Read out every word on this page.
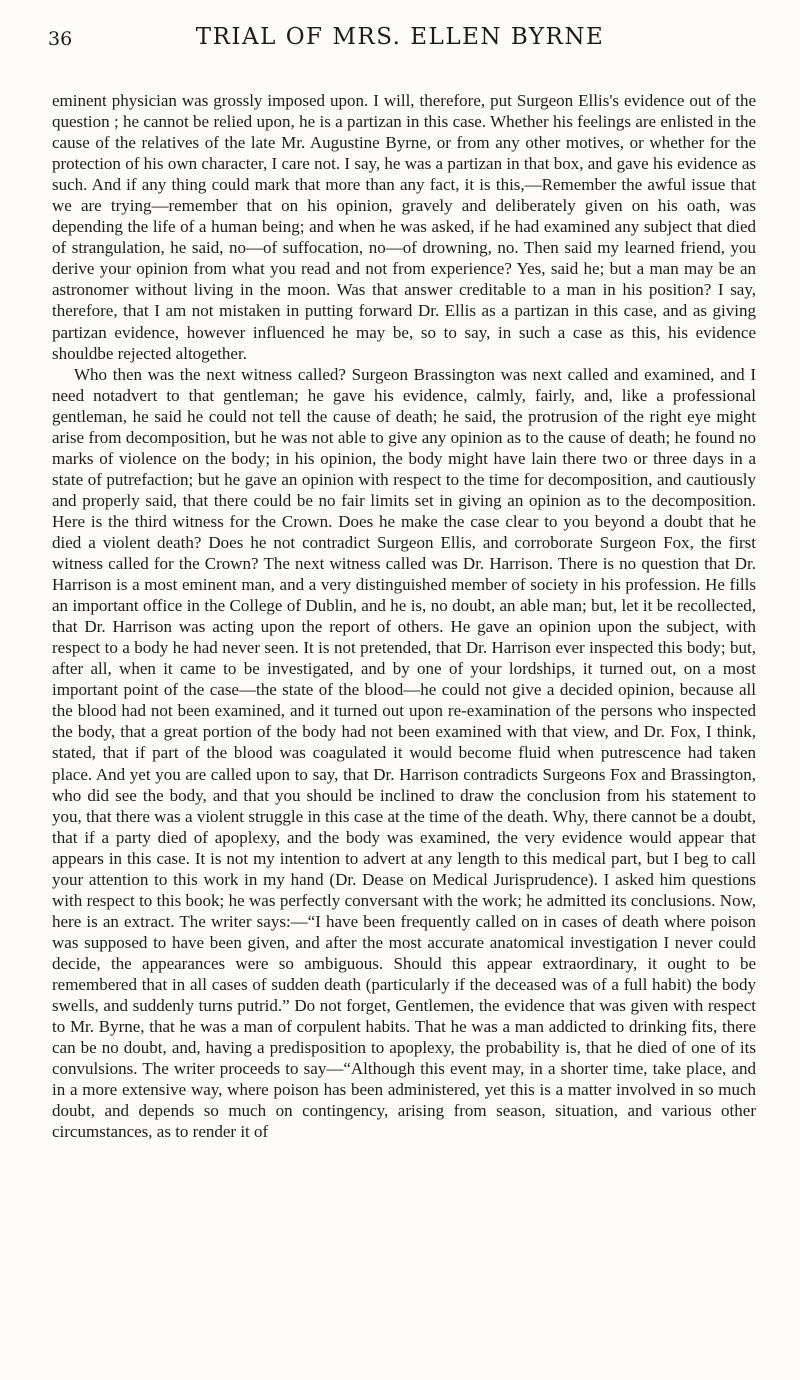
36	TRIAL OF MRS. ELLEN BYRNE

eminent physician was grossly imposed upon. I will, therefore, put Surgeon Ellis's evidence out of the question ; he cannot be relied upon, he is a partizan in this case. Whether his feelings are enlisted in the cause of the relatives of the late Mr. Augustine Byrne, or from any other motives, or whether for the protection of his own character, I care not. I say, he was a partizan in that box, and gave his evidence as such. And if any thing could mark that more than any fact, it is this,—Remember the awful issue that we are trying—remember that on his opinion, gravely and deliberately given on his oath, was depending the life of a human being; and when he was asked, if he had examined any subject that died of strangulation, he said, no—of suffocation, no—of drowning, no. Then said my learned friend, you derive your opinion from what you read and not from experience? Yes, said he; but a man may be an astronomer without living in the moon. Was that answer creditable to a man in his position? I say, therefore, that I am not mistaken in putting forward Dr. Ellis as a partizan in this case, and as giving partizan evidence, however influenced he may be, so to say, in such a case as this, his evidence shouldbe rejected altogether.

Who then was the next witness called? Surgeon Brassington was next called and examined, and I need notadvert to that gentleman; he gave his evidence, calmly, fairly, and, like a professional gentleman, he said he could not tell the cause of death; he said, the protrusion of the right eye might arise from decomposition, but he was not able to give any opinion as to the cause of death; he found no marks of violence on the body; in his opinion, the body might have lain there two or three days in a state of putrefaction; but he gave an opinion with respect to the time for decomposition, and cautiously and properly said, that there could be no fair limits set in giving an opinion as to the decomposition. Here is the third witness for the Crown. Does he make the case clear to you beyond a doubt that he died a violent death? Does he not contradict Surgeon Ellis, and corroborate Surgeon Fox, the first witness called for the Crown? The next witness called was Dr. Harrison. There is no question that Dr. Harrison is a most eminent man, and a very distinguished member of society in his profession. He fills an important office in the College of Dublin, and he is, no doubt, an able man; but, let it be recollected, that Dr. Harrison was acting upon the report of others. He gave an opinion upon the subject, with respect to a body he had never seen. It is not pretended, that Dr. Harrison ever inspected this body; but, after all, when it came to be investigated, and by one of your lordships, it turned out, on a most important point of the case—the state of the blood—he could not give a decided opinion, because all the blood had not been examined, and it turned out upon re-examination of the persons who inspected the body, that a great portion of the body had not been examined with that view, and Dr. Fox, I think, stated, that if part of the blood was coagulated it would become fluid when putrescence had taken place. And yet you are called upon to say, that Dr. Harrison contradicts Surgeons Fox and Brassington, who did see the body, and that you should be inclined to draw the conclusion from his statement to you, that there was a violent struggle in this case at the time of the death. Why, there cannot be a doubt, that if a party died of apoplexy, and the body was examined, the very evidence would appear that appears in this case. It is not my intention to advert at any length to this medical part, but I beg to call your attention to this work in my hand (Dr. Dease on Medical Jurisprudence). I asked him questions with respect to this book; he was perfectly conversant with the work; he admitted its conclusions. Now, here is an extract. The writer says:—“I have been frequently called on in cases of death where poison was supposed to have been given, and after the most accurate anatomical investigation I never could decide, the appearances were so ambiguous. Should this appear extraordinary, it ought to be remembered that in all cases of sudden death (particularly if the deceased was of a full habit) the body swells, and suddenly turns putrid.” Do not forget, Gentlemen, the evidence that was given with respect to Mr. Byrne, that he was a man of corpulent habits. That he was a man addicted to drinking fits, there can be no doubt, and, having a predisposition to apoplexy, the probability is, that he died of one of its convulsions. The writer proceeds to say—“Although this event may, in a shorter time, take place, and in a more extensive way, where poison has been administered, yet this is a matter involved in so much doubt, and depends so much on contingency, arising from season, situation, and various other circumstances, as to render it of
